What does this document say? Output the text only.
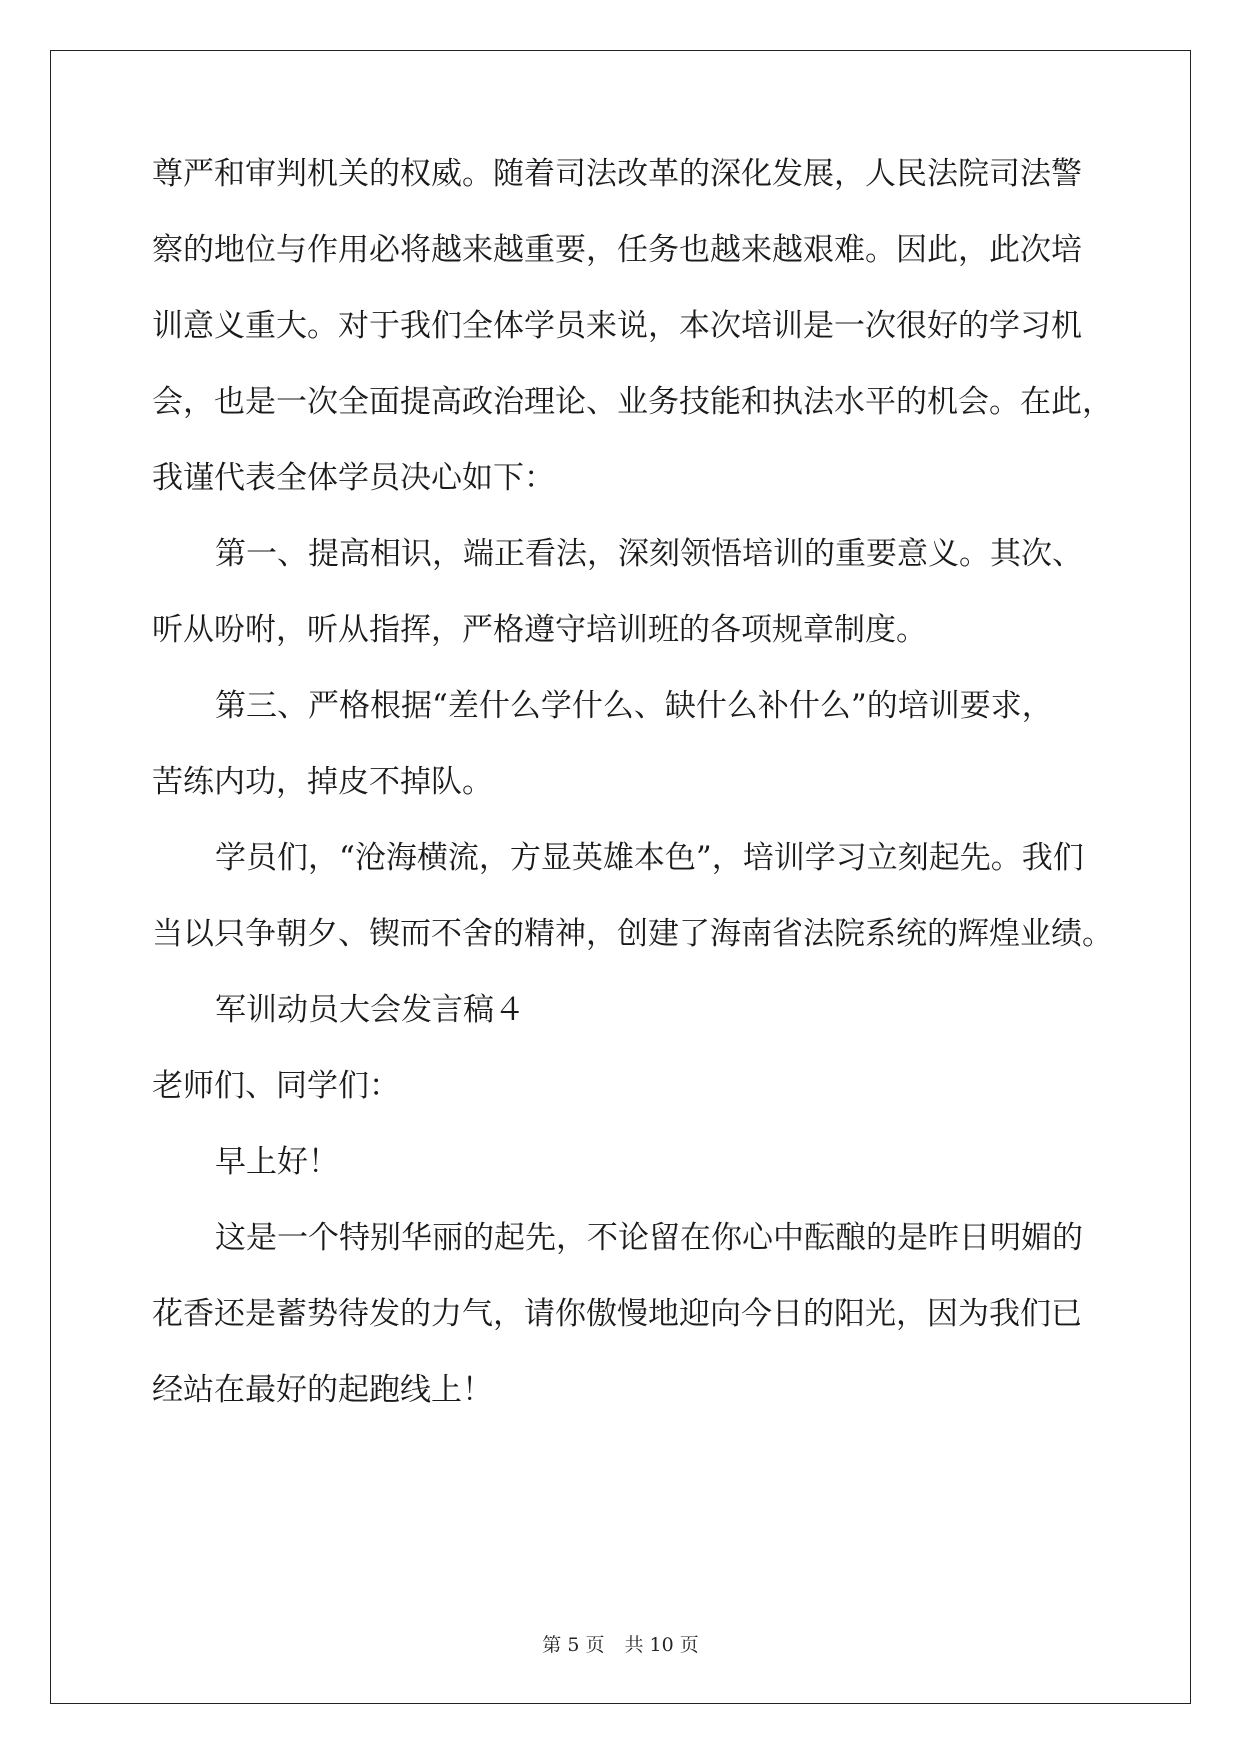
尊严和审判机关的权威。随着司法改革的深化发展，人民法院司法警
察的地位与作用必将越来越重要，任务也越来越艰难。因此，此次培
训意义重大。对于我们全体学员来说，本次培训是一次很好的学习机
会，也是一次全面提高政治理论、业务技能和执法水平的机会。在此，
我谨代表全体学员决心如下：
第一、提高相识，端正看法，深刻领悟培训的重要意义。其次、
听从吩咐，听从指挥，严格遵守培训班的各项规章制度。
第三、严格根据“差什么学什么、缺什么补什么”的培训要求，
苦练内功，掉皮不掉队。
学员们，“沧海横流，方显英雄本色”，培训学习立刻起先。我们
当以只争朝夕、锲而不舍的精神，创建了海南省法院系统的辉煌业绩。
军训动员大会发言稿４
老师们、同学们：
早上好！
这是一个特别华丽的起先，不论留在你心中酝酿的是昨日明媚的
花香还是蓄势待发的力气，请你傲慢地迎向今日的阳光，因为我们已
经站在最好的起跑线上！
第 5 页 共 10 页
